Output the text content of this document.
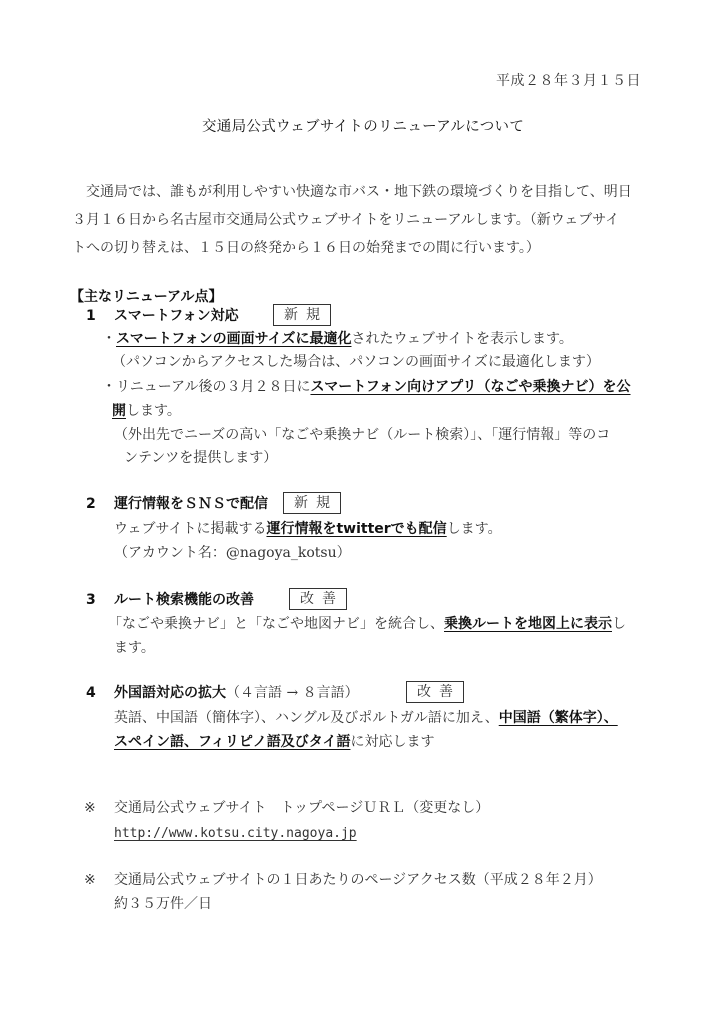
平成２８年３月１５日
交通局公式ウェブサイトのリニューアルについて
交通局では、誰もが利用しやすい快適な市バス・地下鉄の環境づくりを目指して、明日
３月１６日から名古屋市交通局公式ウェブサイトをリニューアルします。（新ウェブサイ
トへの切り替えは、１５日の終発から１６日の始発までの間に行います。）
【主なリニューアル点】
1 スマートフォン対応	新規
・スマートフォンの画面サイズに最適化されたウェブサイトを表示します。
（パソコンからアクセスした場合は、パソコンの画面サイズに最適化します）
・リニューアル後の３月２８日にスマートフォン向けアプリ（なごや乗換ナビ）を公
開します。
（外出先でニーズの高い「なごや乗換ナビ（ルート検索）」、「運行情報」等のコ
ンテンツを提供します）
2 運行情報をＳＮＳで配信	新規
ウェブサイトに掲載する運行情報をtwitterでも配信します。
（アカウント名：@nagoya_kotsu）
3 ルート検索機能の改善	改善
「なごや乗換ナビ」と「なごや地図ナビ」を統合し、乗換ルートを地図上に表示し
ます。
4 外国語対応の拡大（４言語 → ８言語）	改善
英語、中国語（簡体字）、ハングル及びポルトガル語に加え、中国語（繁体字）、
スペイン語、フィリピノ語及びタイ語に対応します
※ 交通局公式ウェブサイト　トップページＵＲＬ（変更なし）
http://www.kotsu.city.nagoya.jp
※ 交通局公式ウェブサイトの１日あたりのページアクセス数（平成２８年２月）
約３５万件／日
